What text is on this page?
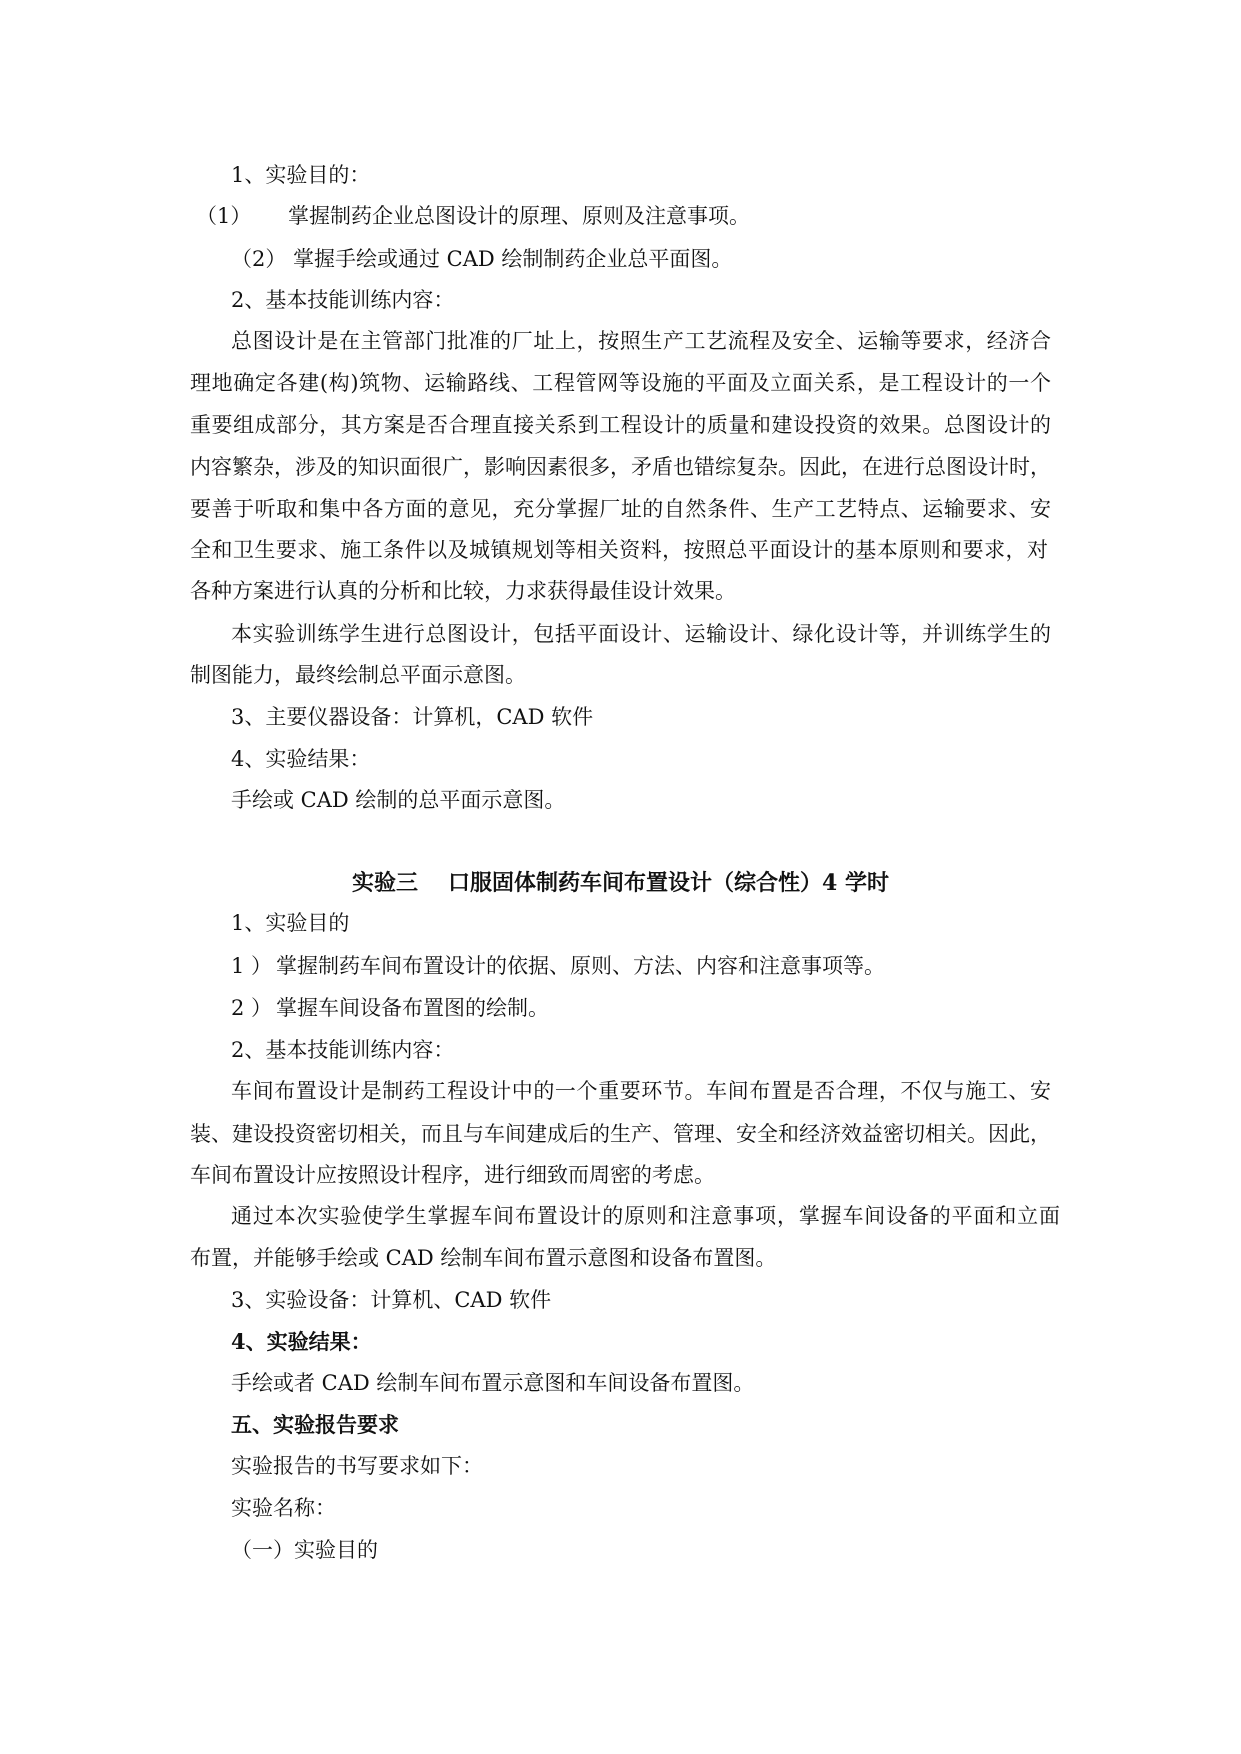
1、实验目的：
（1） 掌握制药企业总图设计的原理、原则及注意事项。
（2） 掌握手绘或通过 CAD 绘制制药企业总平面图。
2、基本技能训练内容：
总图设计是在主管部门批准的厂址上，按照生产工艺流程及安全、运输等要求，经济合
理地确定各建(构)筑物、运输路线、工程管网等设施的平面及立面关系，是工程设计的一个
重要组成部分，其方案是否合理直接关系到工程设计的质量和建设投资的效果。总图设计的
内容繁杂，涉及的知识面很广，影响因素很多，矛盾也错综复杂。因此，在进行总图设计时，
要善于听取和集中各方面的意见，充分掌握厂址的自然条件、生产工艺特点、运输要求、安
全和卫生要求、施工条件以及城镇规划等相关资料，按照总平面设计的基本原则和要求，对
各种方案进行认真的分析和比较，力求获得最佳设计效果。
本实验训练学生进行总图设计，包括平面设计、运输设计、绿化设计等，并训练学生的
制图能力，最终绘制总平面示意图。
3、主要仪器设备：计算机，CAD 软件
4、实验结果：
手绘或 CAD 绘制的总平面示意图。
实验三 口服固体制药车间布置设计（综合性）4 学时
1、实验目的
1 ） 掌握制药车间布置设计的依据、原则、方法、内容和注意事项等。
2 ） 掌握车间设备布置图的绘制。
2、基本技能训练内容：
车间布置设计是制药工程设计中的一个重要环节。车间布置是否合理，不仅与施工、安
装、建设投资密切相关，而且与车间建成后的生产、管理、安全和经济效益密切相关。因此，
车间布置设计应按照设计程序，进行细致而周密的考虑。
通过本次实验使学生掌握车间布置设计的原则和注意事项，掌握车间设备的平面和立面
布置，并能够手绘或 CAD 绘制车间布置示意图和设备布置图。
3、实验设备：计算机、CAD 软件
4、实验结果：
手绘或者 CAD 绘制车间布置示意图和车间设备布置图。
五、实验报告要求
实验报告的书写要求如下：
实验名称：
（一）实验目的
